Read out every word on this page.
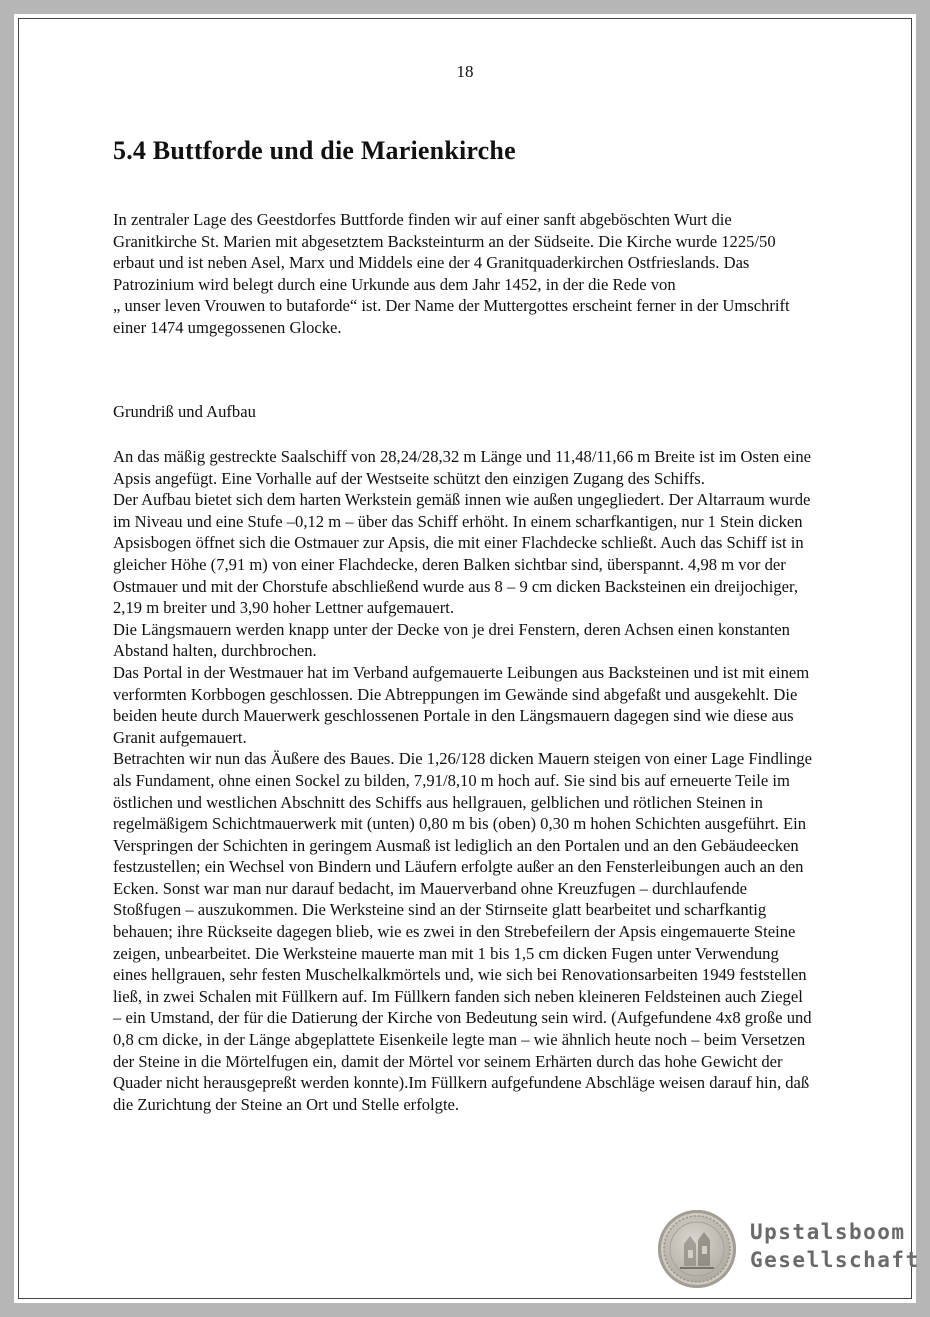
18
5.4 Buttforde und die Marienkirche

In zentraler Lage des Geestdorfes Buttforde finden wir auf einer sanft abgeböschten Wurt die Granitkirche St. Marien mit abgesetztem Backsteinturm an der Südseite. Die Kirche wurde 1225/50 erbaut und ist neben Asel, Marx und Middels eine der 4 Granitquaderkirchen Ostfrieslands. Das Patrozinium wird belegt durch eine Urkunde aus dem Jahr 1452, in der die Rede von

„ unser leven Vrouwen to butaforde“ ist. Der Name der Muttergottes erscheint ferner in der Umschrift einer 1474 umgegossenen Glocke.

Grundriß und Aufbau

An das mäßig gestreckte Saalschiff von 28,24/28,32 m Länge und 11,48/11,66 m Breite ist im Osten eine Apsis angefügt. Eine Vorhalle auf der Westseite schützt den einzigen Zugang des Schiffs.

Der Aufbau bietet sich dem harten Werkstein gemäß innen wie außen ungegliedert. Der Altarraum wurde im Niveau und eine Stufe –0,12 m – über das Schiff erhöht. In einem scharfkantigen, nur 1 Stein dicken Apsisbogen öffnet sich die Ostmauer zur Apsis, die mit einer Flachdecke schließt. Auch das Schiff ist in gleicher Höhe (7,91 m) von einer Flachdecke, deren Balken sichtbar sind, überspannt. 4,98 m vor der Ostmauer und mit der Chorstufe abschließend wurde aus 8 – 9 cm dicken Backsteinen ein dreijochiger, 2,19 m breiter und 3,90 hoher Lettner aufgemauert.

Die Längsmauern werden knapp unter der Decke von je drei Fenstern, deren Achsen einen konstanten Abstand halten, durchbrochen.

Das Portal in der Westmauer hat im Verband aufgemauerte Leibungen aus Backsteinen und ist mit einem verformten Korbbogen geschlossen. Die Abtreppungen im Gewände sind abgefaßt und ausgekehlt. Die beiden heute durch Mauerwerk geschlossenen Portale in den Längsmauern dagegen sind wie diese aus Granit aufgemauert.

Betrachten wir nun das Äußere des Baues. Die 1,26/128 dicken Mauern steigen von einer Lage Findlinge als Fundament, ohne einen Sockel zu bilden, 7,91/8,10 m hoch auf. Sie sind bis auf erneuerte Teile im östlichen und westlichen Abschnitt des Schiffs aus hellgrauen, gelblichen und rötlichen Steinen in regelmäßigem Schichtmauerwerk mit (unten) 0,80 m bis (oben) 0,30 m hohen Schichten ausgeführt. Ein Verspringen der Schichten in geringem Ausmaß ist lediglich an den Portalen und an den Gebäudeecken festzustellen; ein Wechsel von Bindern und Läufern erfolgte außer an den Fensterleibungen auch an den Ecken. Sonst war man nur darauf bedacht, im Mauerverband ohne Kreuzfugen – durchlaufende Stoßfugen – auszukommen. Die Werksteine sind an der Stirnseite glatt bearbeitet und scharfkantig behauen; ihre Rückseite dagegen blieb, wie es zwei in den Strebefeilern der Apsis eingemauerte Steine zeigen, unbearbeitet. Die Werksteine mauerte man mit 1 bis 1,5 cm dicken Fugen unter Verwendung eines hellgrauen, sehr festen Muschelkalkmörtels und, wie sich bei Renovationsarbeiten 1949 feststellen ließ, in zwei Schalen mit Füllkern auf. Im Füllkern fanden sich neben kleineren Feldsteinen auch Ziegel – ein Umstand, der für die Datierung der Kirche von Bedeutung sein wird. (Aufgefundene 4x8 große und 0,8 cm dicke, in der Länge abgeplattete Eisenkeile legte man – wie ähnlich heute noch – beim Versetzen der Steine in die Mörtelfugen ein, damit der Mörtel vor seinem Erhärten durch das hohe Gewicht der Quader nicht herausgepreßt werden konnte).Im Füllkern aufgefundene Abschläge weisen darauf hin, daß die Zurichtung der Steine an Ort und Stelle erfolgte.

Upstalsboom
Gesellschaft
